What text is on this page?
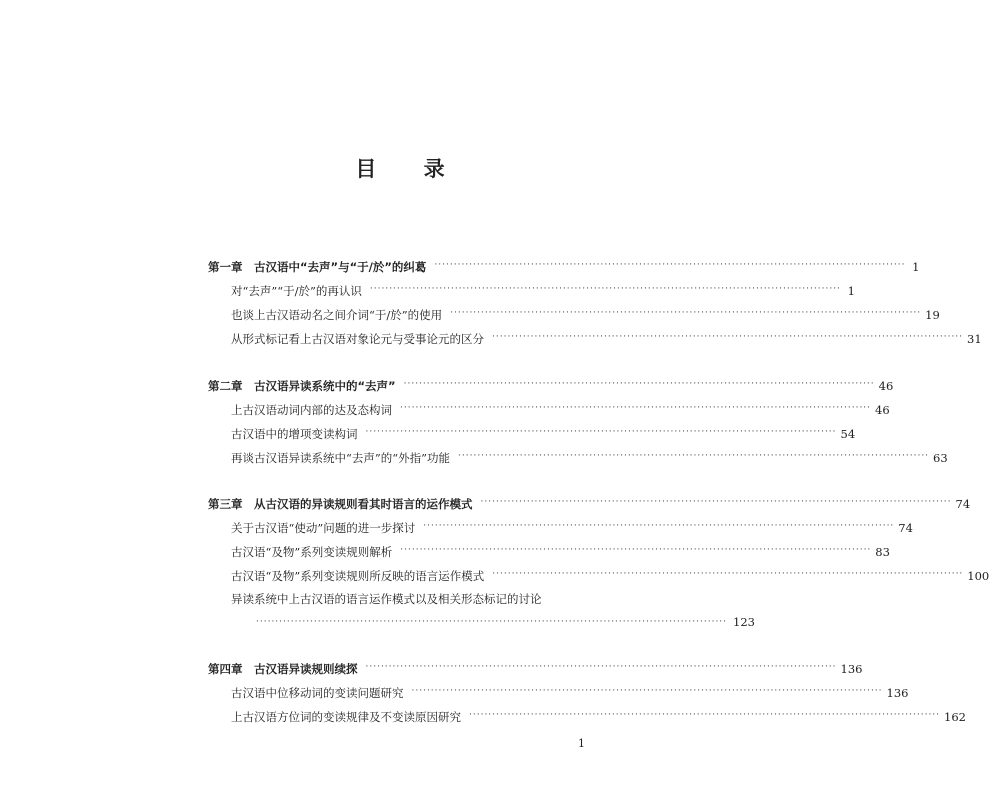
目 录
第一章　古汉语中“去声”与“于/於”的纠葛 ·························································································································· 1
对“去声”“于/於”的再认识 ·························································································································· 1
也谈上古汉语动名之间介词“于/於”的使用 ·························································································································· 19
从形式标记看上古汉语对象论元与受事论元的区分 ·························································································································· 31
第二章　古汉语异读系统中的“去声” ·························································································································· 46
上古汉语动词内部的达及态构词 ·························································································································· 46
古汉语中的增项变读构词 ·························································································································· 54
再谈古汉语异读系统中“去声”的“外指”功能 ·························································································································· 63
第三章　从古汉语的异读规则看其时语言的运作模式 ·························································································································· 74
关于古汉语“使动”问题的进一步探讨 ·························································································································· 74
古汉语“及物”系列变读规则解析 ·························································································································· 83
古汉语“及物”系列变读规则所反映的语言运作模式 ·························································································································· 100
异读系统中上古汉语的语言运作模式以及相关形态标记的讨论
·························································································································· 123
第四章　古汉语异读规则续探 ·························································································································· 136
古汉语中位移动词的变读问题研究 ·························································································································· 136
上古汉语方位词的变读规律及不变读原因研究 ·························································································································· 162
1
